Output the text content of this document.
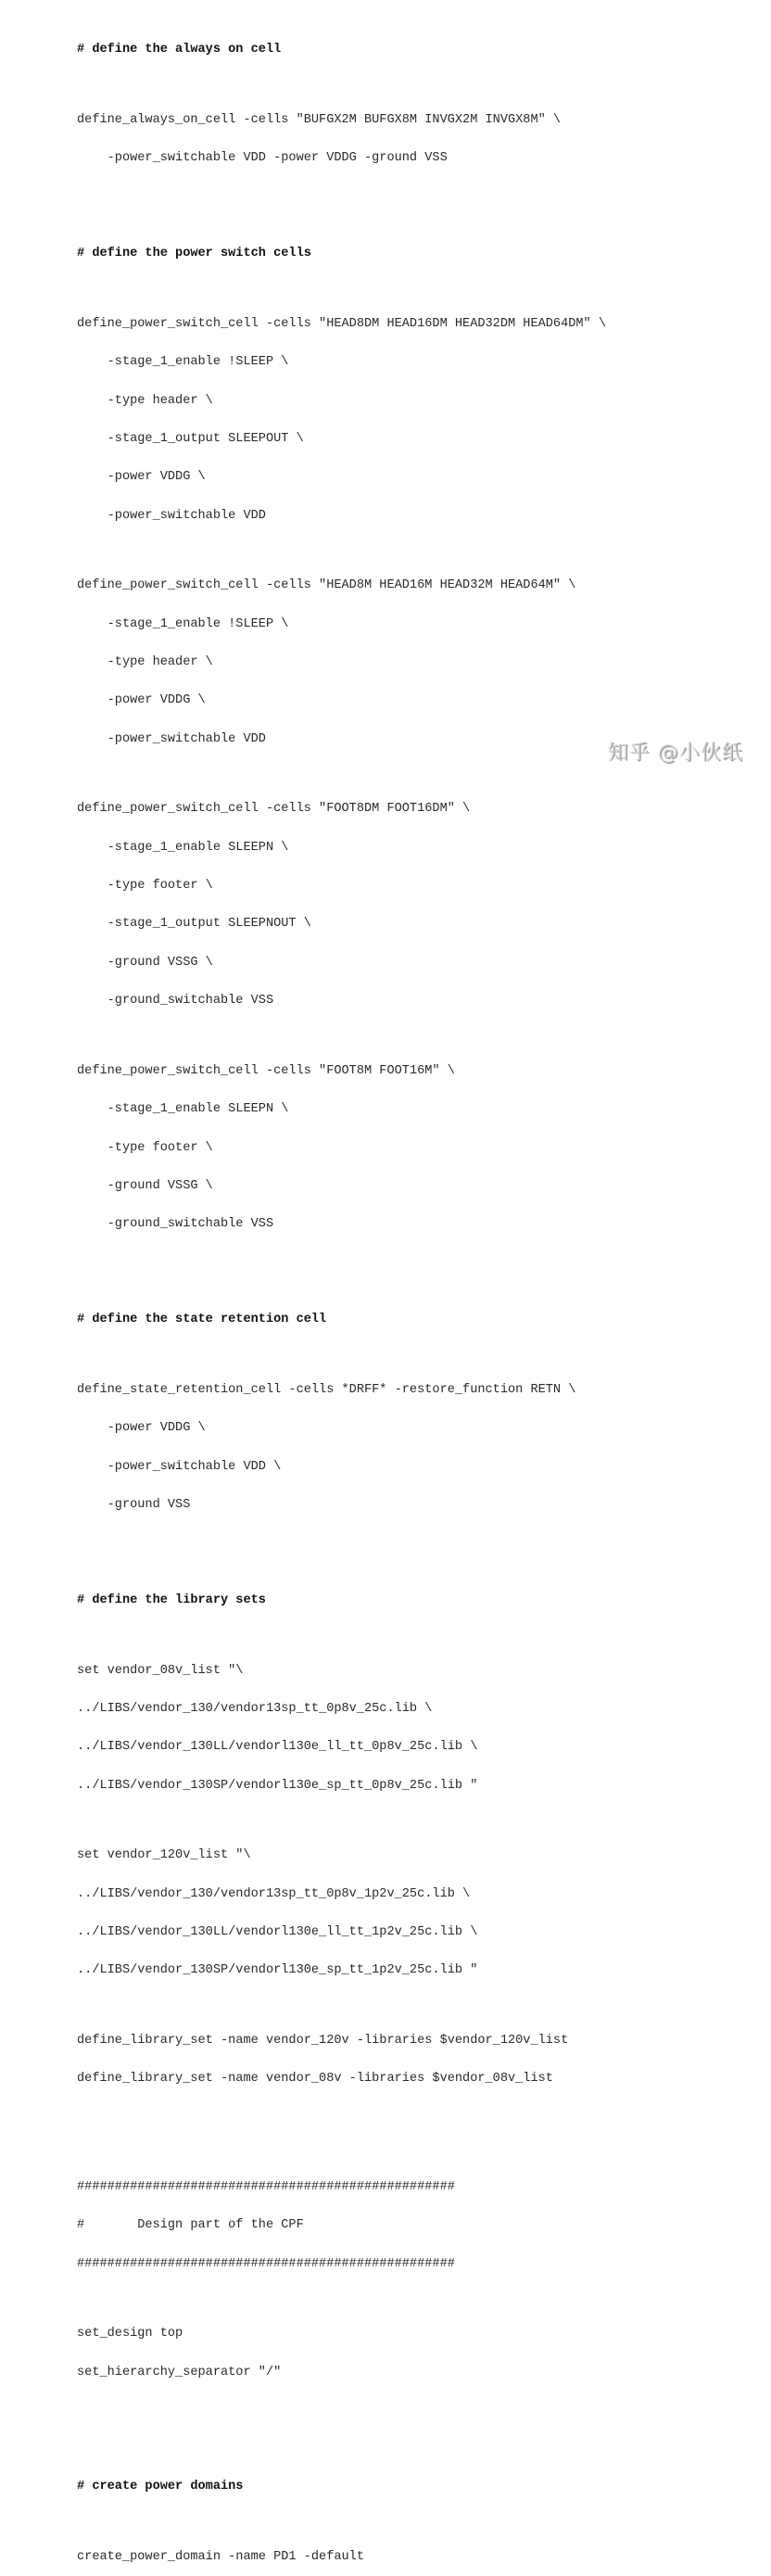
# define the always on cell

define_always_on_cell -cells "BUFGX2M BUFGX8M INVGX2M INVGX8M" \

-power_switchable VDD -power VDDG -ground VSS

# define the power switch cells

define_power_switch_cell -cells "HEAD8DM HEAD16DM HEAD32DM HEAD64DM" \

-stage_1_enable !SLEEP \

-type header \

-stage_1_output SLEEPOUT \

-power VDDG \

-power_switchable VDD

define_power_switch_cell -cells "HEAD8M HEAD16M HEAD32M HEAD64M" \

-stage_1_enable !SLEEP \

-type header \

-power VDDG \

-power_switchable VDD

define_power_switch_cell -cells "FOOT8DM FOOT16DM" \

-stage_1_enable SLEEPN \

-type footer \

-stage_1_output SLEEPNOUT \

-ground VSSG \

-ground_switchable VSS

define_power_switch_cell -cells "FOOT8M FOOT16M" \

-stage_1_enable SLEEPN \

-type footer \

-ground VSSG \

-ground_switchable VSS

# define the state retention cell

define_state_retention_cell -cells *DRFF* -restore_function RETN \

-power VDDG \

-power_switchable VDD \

-ground VSS

# define the library sets

set vendor_08v_list "\

../LIBS/vendor_130/vendor13sp_tt_0p8v_25c.lib \

../LIBS/vendor_130LL/vendorl130e_ll_tt_0p8v_25c.lib \

../LIBS/vendor_130SP/vendorl130e_sp_tt_0p8v_25c.lib "

set vendor_120v_list "\

../LIBS/vendor_130/vendor13sp_tt_0p8v_1p2v_25c.lib \

../LIBS/vendor_130LL/vendorl130e_ll_tt_1p2v_25c.lib \

../LIBS/vendor_130SP/vendorl130e_sp_tt_1p2v_25c.lib "

define_library_set -name vendor_120v -libraries $vendor_120v_list

define_library_set -name vendor_08v -libraries $vendor_08v_list

##################################################

#       Design part of the CPF

##################################################

set_design top

set_hierarchy_separator "/"

# create power domains

create_power_domain -name PD1 -default

知乎 @小伙纸
